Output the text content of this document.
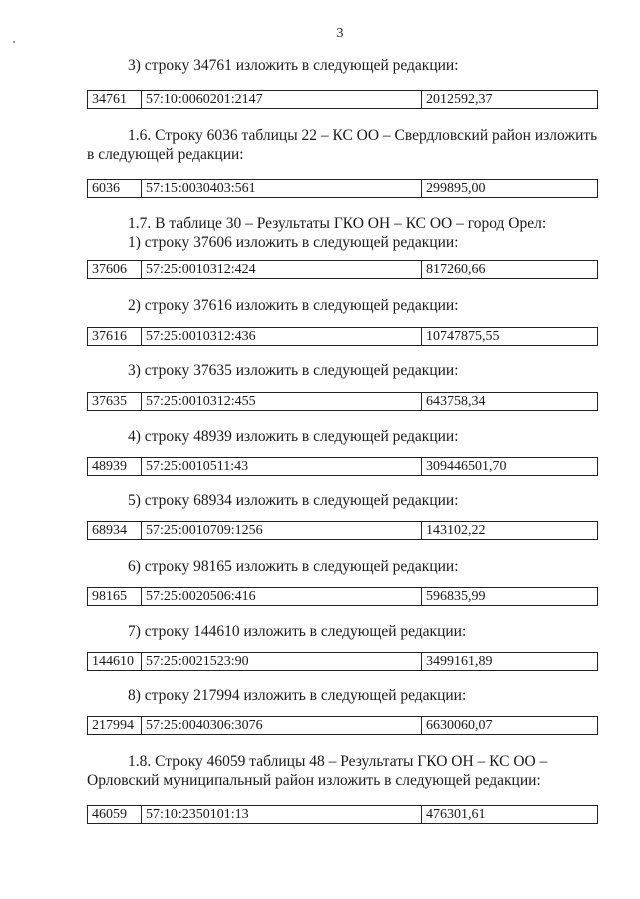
3
3) строку 34761 изложить в следующей редакции:
34761	57:10:0060201:2147	2012592,37
1.6. Строку 6036 таблицы 22 – КС ОО – Свердловский район изложить
в следующей редакции:
6036	57:15:0030403:561	299895,00
1.7. В таблице 30 – Результаты ГКО ОН – КС ОО – город Орел:
1) строку 37606 изложить в следующей редакции:
37606	57:25:0010312:424	817260,66
2) строку 37616 изложить в следующей редакции:
37616	57:25:0010312:436	10747875,55
3) строку 37635 изложить в следующей редакции:
37635	57:25:0010312:455	643758,34
4) строку 48939 изложить в следующей редакции:
48939	57:25:0010511:43	309446501,70
5) строку 68934 изложить в следующей редакции:
68934	57:25:0010709:1256	143102,22
6) строку 98165 изложить в следующей редакции:
98165	57:25:0020506:416	596835,99
7) строку 144610 изложить в следующей редакции:
144610 57:25:0021523:90	3499161,89
8) строку 217994 изложить в следующей редакции:
217994 57:25:0040306:3076	6630060,07
1.8. Строку 46059 таблицы 48 – Результаты ГКО ОН – КС ОО –
Орловский муниципальный район изложить в следующей редакции:
46059	57:10:2350101:13	476301,61
